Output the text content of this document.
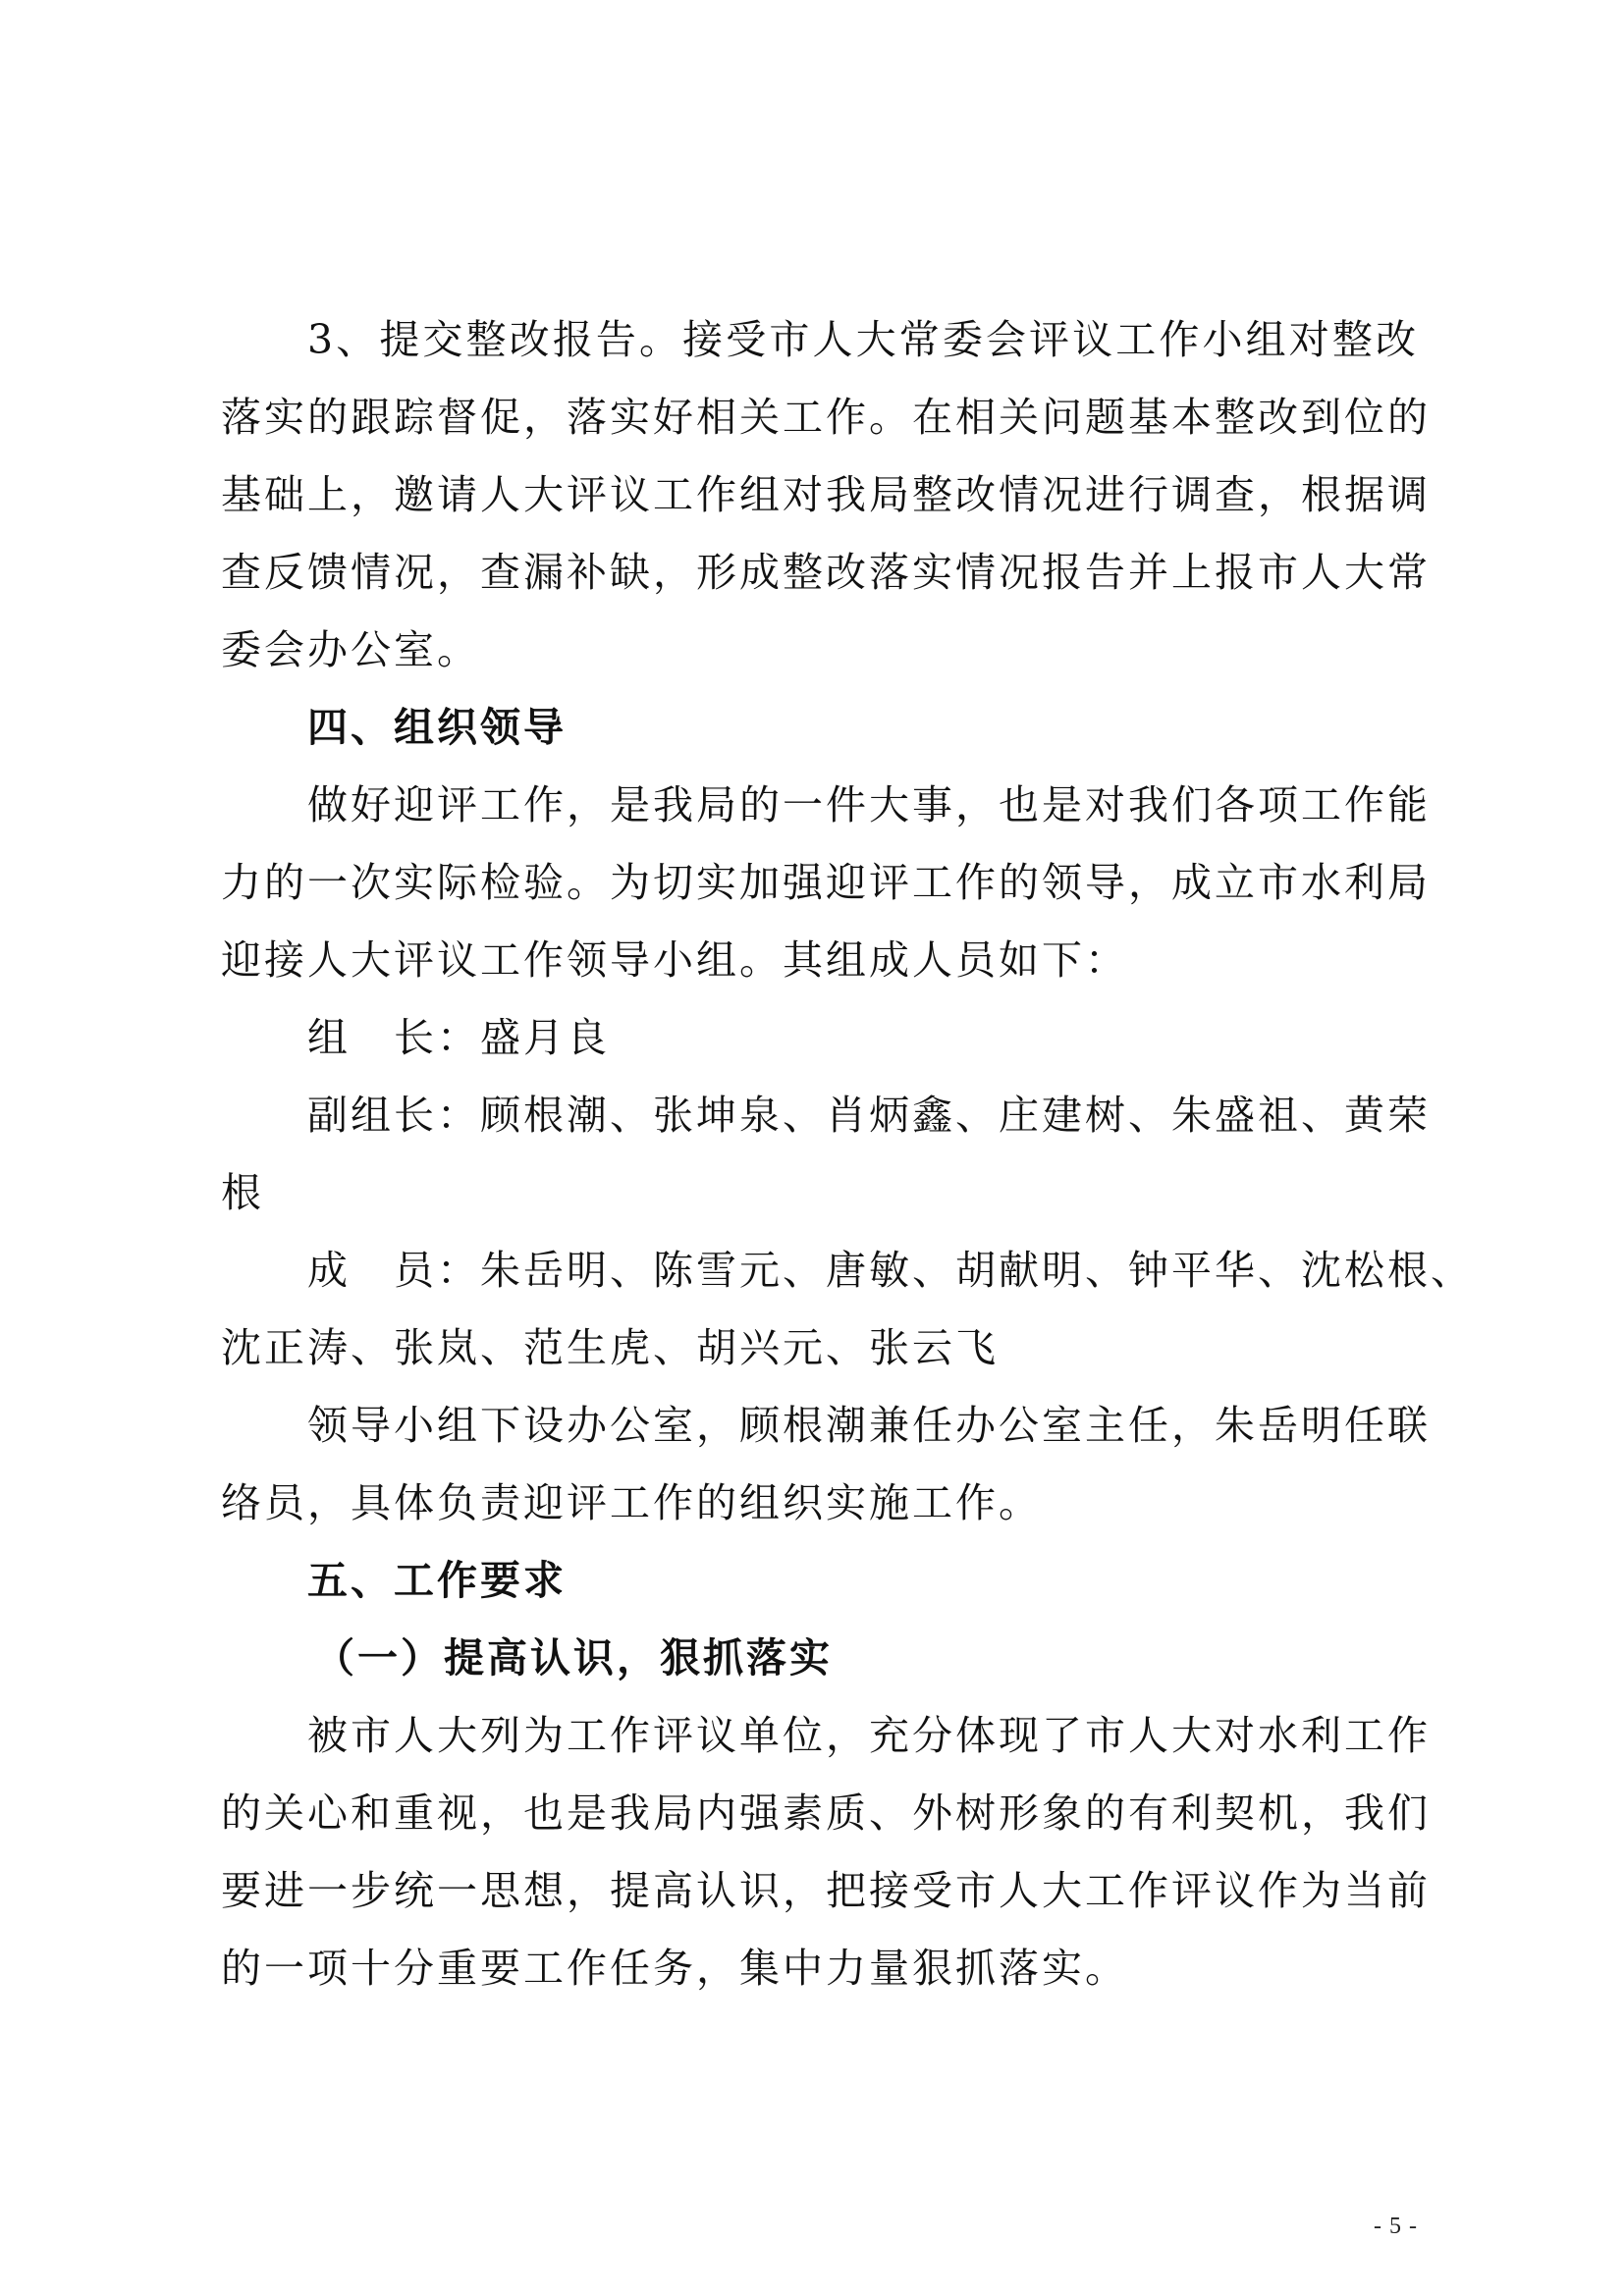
3、提交整改报告。接受市人大常委会评议工作小组对整改
落实的跟踪督促，落实好相关工作。在相关问题基本整改到位的
基础上，邀请人大评议工作组对我局整改情况进行调查，根据调
查反馈情况，查漏补缺，形成整改落实情况报告并上报市人大常
委会办公室。
四、组织领导
做好迎评工作，是我局的一件大事，也是对我们各项工作能
力的一次实际检验。为切实加强迎评工作的领导，成立市水利局
迎接人大评议工作领导小组。其组成人员如下：
组　长：盛月良
副组长：顾根潮、张坤泉、肖炳鑫、庄建树、朱盛祖、黄荣
根
成　员：朱岳明、陈雪元、唐敏、胡献明、钟平华、沈松根、
沈正涛、张岚、范生虎、胡兴元、张云飞
领导小组下设办公室，顾根潮兼任办公室主任，朱岳明任联
络员，具体负责迎评工作的组织实施工作。
五、工作要求
（一）提高认识，狠抓落实
被市人大列为工作评议单位，充分体现了市人大对水利工作
的关心和重视，也是我局内强素质、外树形象的有利契机，我们
要进一步统一思想，提高认识，把接受市人大工作评议作为当前
的一项十分重要工作任务，集中力量狠抓落实。
- 5 -
